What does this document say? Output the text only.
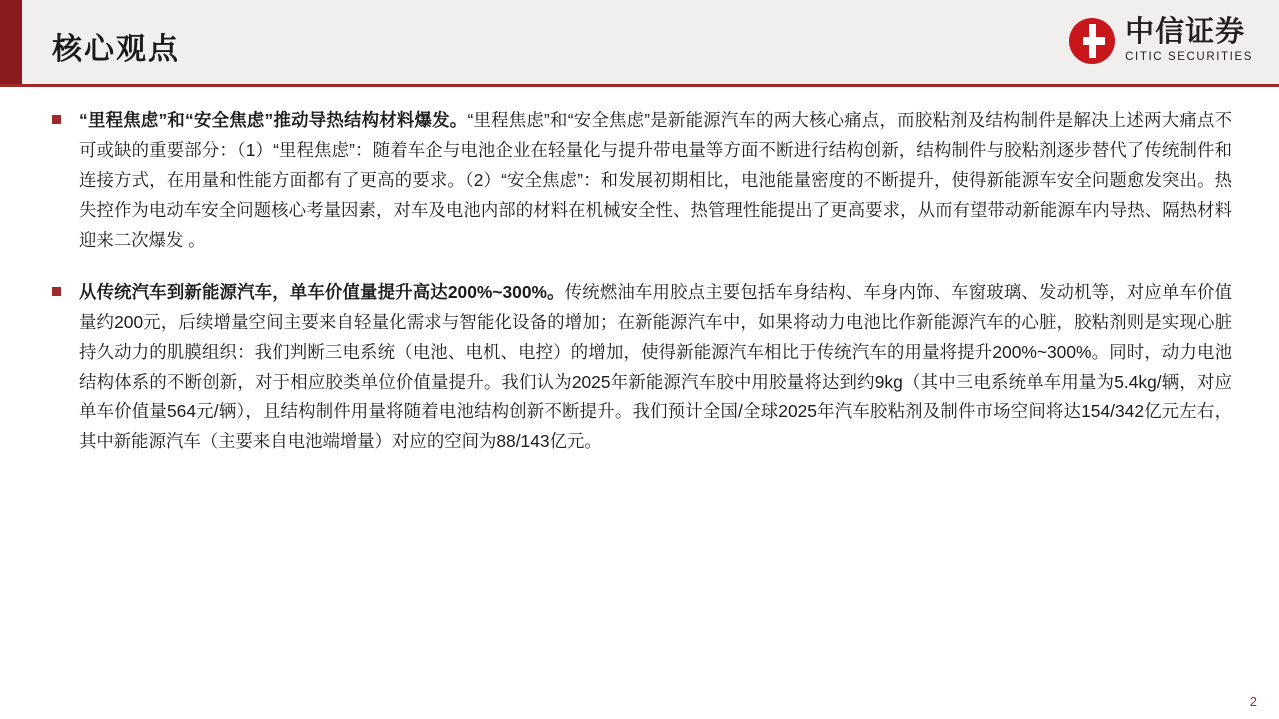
核心观点
中信证券
CITIC SECURITIES
“里程焦虑”和“安全焦虑”推动导热结构材料爆发。“里程焦虑”和“安全焦虑”是新能源汽车的两大核心痛点，而胶粘剂及结构制件是解决上述两大痛点不可或缺的重要部分：（1）“里程焦虑”：随着车企与电池企业在轻量化与提升带电量等方面不断进行结构创新，结构制件与胶粘剂逐步替代了传统制件和连接方式，在用量和性能方面都有了更高的要求。（2）“安全焦虑”：和发展初期相比，电池能量密度的不断提升，使得新能源车安全问题愈发突出。热失控作为电动车安全问题核心考量因素，对车及电池内部的材料在机械安全性、热管理性能提出了更高要求，从而有望带动新能源车内导热、隔热材料迎来二次爆发 。
从传统汽车到新能源汽车，单车价值量提升高达200%~300%。传统燃油车用胶点主要包括车身结构、车身内饰、车窗玻璃、发动机等，对应单车价值量约200元，后续增量空间主要来自轻量化需求与智能化设备的增加；在新能源汽车中，如果将动力电池比作新能源汽车的心脏，胶粘剂则是实现心脏持久动力的肌膜组织：我们判断三电系统（电池、电机、电控）的增加，使得新能源汽车相比于传统汽车的用量将提升200%~300%。同时，动力电池结构体系的不断创新，对于相应胶类单位价值量提升。我们认为2025年新能源汽车胶中用胶量将达到约9kg（其中三电系统单车用量为5.4kg/辆，对应单车价值量564元/辆），且结构制件用量将随着电池结构创新不断提升。我们预计全国/全球2025年汽车胶粘剂及制件市场空间将达154/342亿元左右，其中新能源汽车（主要来自电池端增量）对应的空间为88/143亿元。
2
